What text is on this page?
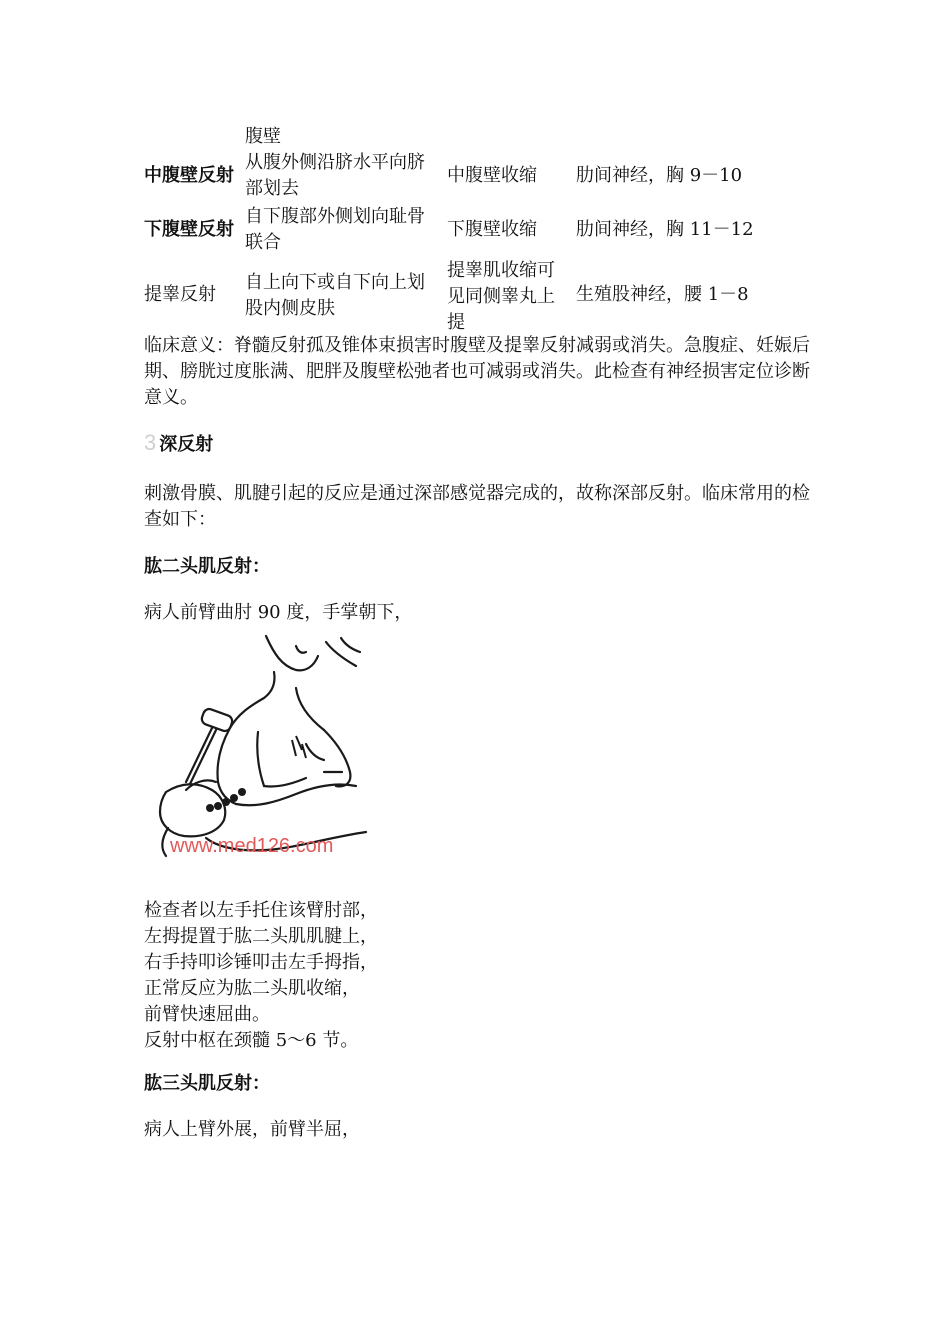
中腹壁反射
腹壁
从腹外侧沿脐水平向脐
部划去
中腹壁收缩	肋间神经，胸 9－10
下腹壁反射
自下腹部外侧划向耻骨
联合
下腹壁收缩	肋间神经，胸 11－12
提睾反射
自上向下或自下向上划
股内侧皮肤
提睾肌收缩可
见同侧睾丸上
提
生殖股神经，腰 1－8
临床意义：脊髓反射孤及锥体束损害时腹壁及提睾反射减弱或消失。急腹症、妊娠后期、膀胱过度胀满、肥胖及腹壁松弛者也可减弱或消失。此检查有神经损害定位诊断意义。
3 深反射
刺激骨膜、肌腱引起的反应是通过深部感觉器完成的，故称深部反射。临床常用的检查如下：
肱二头肌反射：
病人前臂曲肘 90 度，手掌朝下，
www.med126.com
检查者以左手托住该臂肘部，
左拇提置于肱二头肌肌腱上，
右手持叩诊锤叩击左手拇指，
正常反应为肱二头肌收缩，
前臂快速屈曲。
反射中枢在颈髓 5～6 节。
肱三头肌反射：
病人上臂外展，前臂半屈，
